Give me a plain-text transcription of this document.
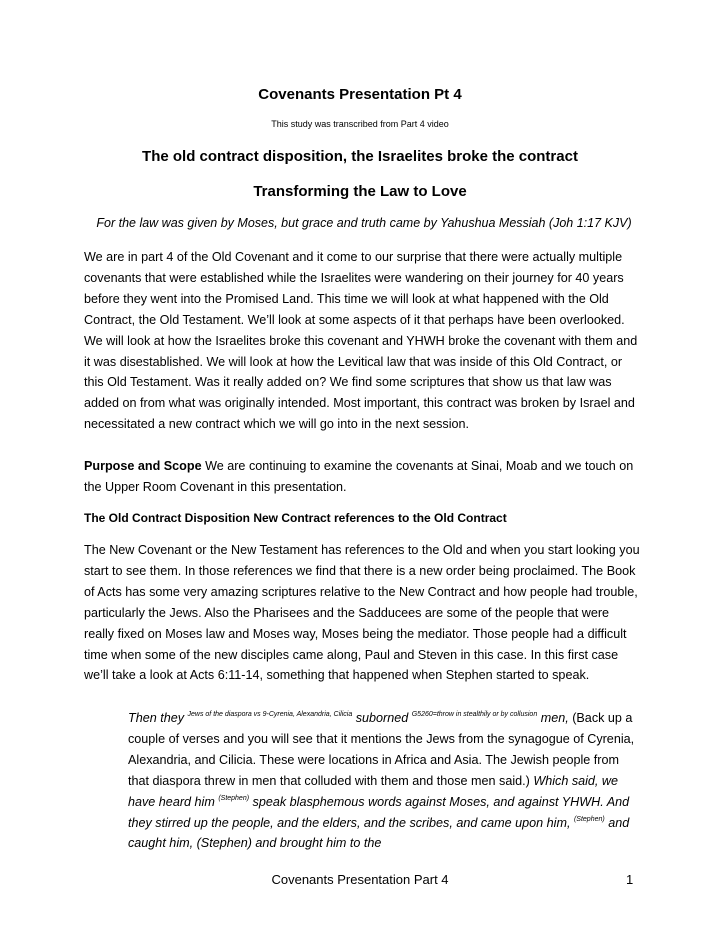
Covenants Presentation Pt 4
This study was transcribed from Part 4 video
The old contract disposition, the Israelites broke the contract
Transforming the Law to Love
For the law was given by Moses, but grace and truth came by Yahushua Messiah (Joh 1:17 KJV)
We are in part 4 of the Old Covenant and it come to our surprise that there were actually multiple covenants that were established while the Israelites were wandering on their journey for 40 years before they went into the Promised Land. This time we will look at what happened with the Old Contract, the Old Testament. We’ll look at some aspects of it that perhaps have been overlooked. We will look at how the Israelites broke this covenant and YHWH broke the covenant with them and it was disestablished. We will look at how the Levitical law that was inside of this Old Contract, or this Old Testament. Was it really added on? We find some scriptures that show us that law was added on from what was originally intended. Most important, this contract was broken by Israel and necessitated a new contract which we will go into in the next session.
Purpose and Scope We are continuing to examine the covenants at Sinai, Moab and we touch on the Upper Room Covenant in this presentation.
The Old Contract Disposition New Contract references to the Old Contract
The New Covenant or the New Testament has references to the Old and when you start looking you start to see them. In those references we find that there is a new order being proclaimed. The Book of Acts has some very amazing scriptures relative to the New Contract and how people had trouble, particularly the Jews. Also the Pharisees and the Sadducees are some of the people that were really fixed on Moses law and Moses way, Moses being the mediator. Those people had a difficult time when some of the new disciples came along, Paul and Steven in this case. In this first case we’ll take a look at Acts 6:11-14, something that happened when Stephen started to speak.
Then they $^{Jews of the diaspora vs 9-Cyrenia, Alexandria, Cilicia}$ suborned $^{G5260=throw in stealthily or by collusion}$ men, (Back up a couple of verses and you will see that it mentions the Jews from the synagogue of Cyrenia, Alexandria, and Cilicia. These were locations in Africa and Asia. The Jewish people from that diaspora threw in men that colluded with them and those men said.) Which said, we have heard him $^{(Stephen)}$ speak blasphemous words against Moses, and against YHWH. And they stirred up the people, and the elders, and the scribes, and came upon him, $^{(Stephen)}$ and caught him, (Stephen) and brought him to the
Covenants Presentation Part 4	1
